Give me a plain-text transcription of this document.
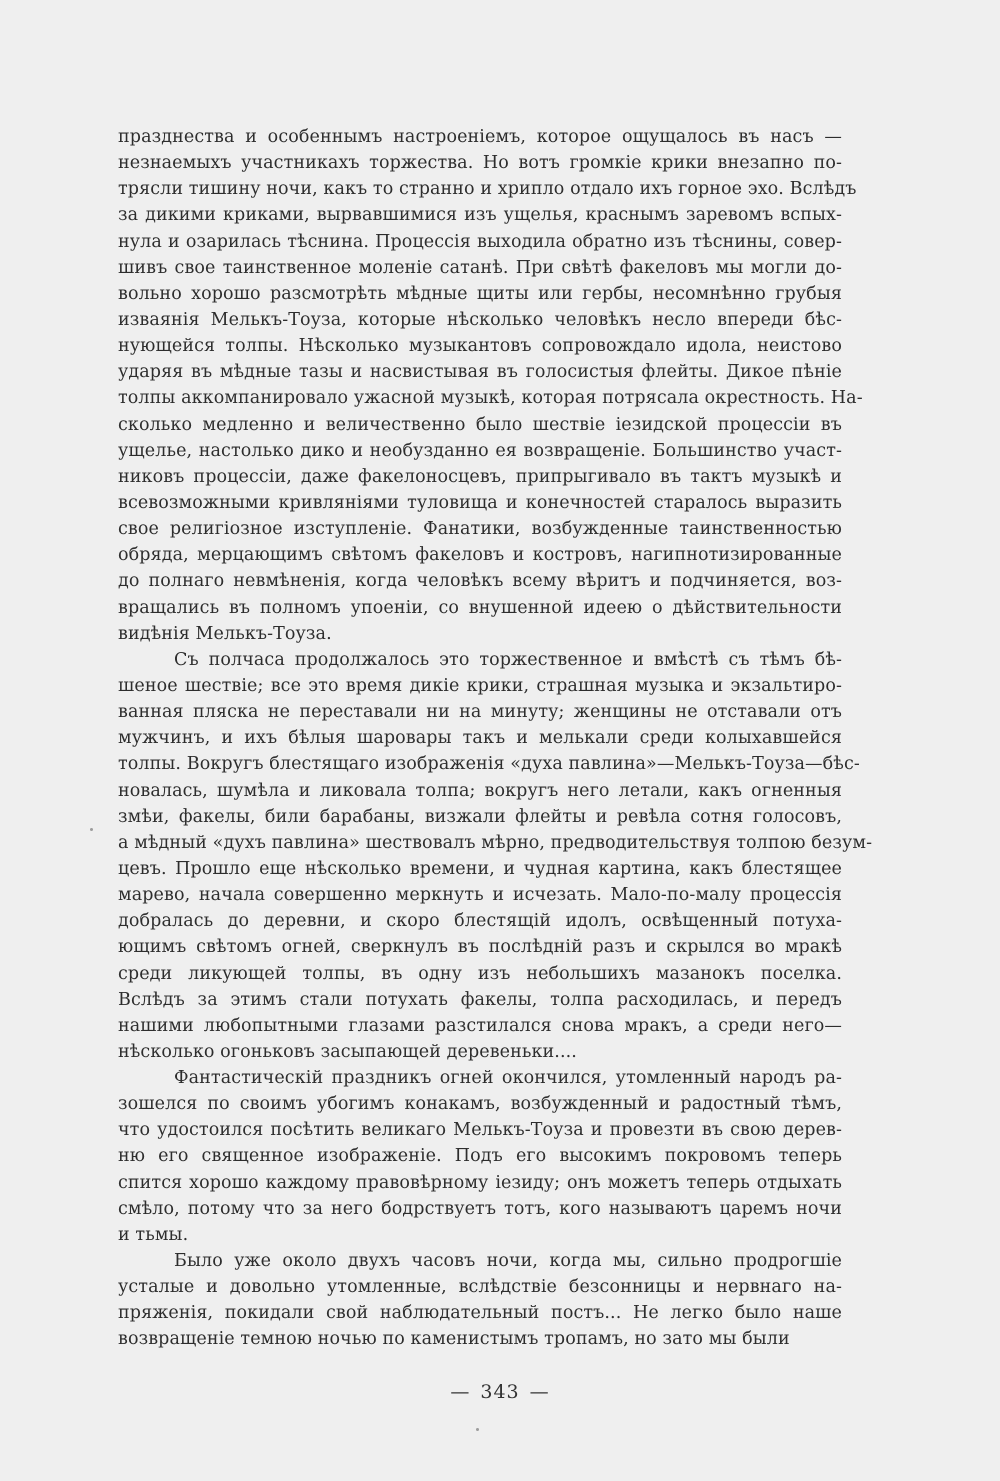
празднества и особеннымъ настроенiемъ, которое ощущалось въ насъ —
незнаемыхъ участникахъ торжества. Но вотъ громкiе крики внезапно по-
трясли тишину ночи, какъ то странно и хрипло отдало ихъ горное эхо. Вслѣдъ
за дикими криками, вырвавшимися изъ ущелья, краснымъ заревомъ вспых-
нула и озарилась тѣснина. Процессiя выходила обратно изъ тѣснины, совер-
шивъ свое таинственное моленiе сатанѣ. При свѣтѣ факеловъ мы могли до-
вольно хорошо разсмотрѣть мѣдные щиты или гербы, несомнѣнно грубыя
изваянiя Мелькъ-Тоуза, которые нѣсколько человѣкъ несло впереди бѣс-
нующейся толпы. Нѣсколько музыкантовъ сопровождало идола, неистово
ударяя въ мѣдные тазы и насвистывая въ голосистыя флейты. Дикое пѣнiе
толпы аккомпанировало ужасной музыкѣ, которая потрясала окрестность. На-
сколько медленно и величественно было шествiе iезидской процессiи въ
ущелье, настолько дико и необузданно ея возвращенiе. Большинство участ-
никовъ процессiи, даже факелоносцевъ, припрыгивало въ тактъ музыкѣ и
всевозможными кривлянiями туловища и конечностей старалось выразить
свое религiозное изступленiе. Фанатики, возбужденные таинственностью
обряда, мерцающимъ свѣтомъ факеловъ и костровъ, нагипнотизированные
до полнаго невмѣненiя, когда человѣкъ всему вѣритъ и подчиняется, воз-
вращались въ полномъ упоенiи, со внушенной идеею о дѣйствительности
видѣнiя Мелькъ-Тоуза.
Съ полчаса продолжалось это торжественное и вмѣстѣ съ тѣмъ бѣ-
шеное шествiе; все это время дикiе крики, страшная музыка и экзальтиро-
ванная пляска не переставали ни на минуту; женщины не отставали отъ
мужчинъ, и ихъ бѣлыя шаровары такъ и мелькали среди колыхавшейся
толпы. Вокругъ блестящаго изображенiя «духа павлина»—Мелькъ-Тоуза—бѣс-
новалась, шумѣла и ликовала толпа; вокругъ него летали, какъ огненныя
змѣи, факелы, били барабаны, визжали флейты и ревѣла сотня голосовъ,
а мѣдный «духъ павлина» шествовалъ мѣрно, предводительствуя толпою безум-
цевъ. Прошло еще нѣсколько времени, и чудная картина, какъ блестящее
марево, начала совершенно меркнуть и исчезать. Мало-по-малу процессiя
добралась до деревни, и скоро блестящiй идолъ, освѣщенный потуха-
ющимъ свѣтомъ огней, сверкнулъ въ послѣднiй разъ и скрылся во мракѣ
среди ликующей толпы, въ одну изъ небольшихъ мазанокъ поселка.
Вслѣдъ за этимъ стали потухать факелы, толпа расходилась, и передъ
нашими любопытными глазами разстилался снова мракъ, а среди него—
нѣсколько огоньковъ засыпающей деревеньки....
Фантастическiй праздникъ огней окончился, утомленный народъ ра-
зошелся по своимъ убогимъ конакамъ, возбужденный и радостный тѣмъ,
что удостоился посѣтить великаго Мелькъ-Тоуза и провезти въ свою дерев-
ню его священное изображенiе. Подъ его высокимъ покровомъ теперь
спится хорошо каждому правовѣрному iезиду; онъ можетъ теперь отдыхать
смѣло, потому что за него бодрствуетъ тотъ, кого называютъ царемъ ночи
и тьмы.
Было уже около двухъ часовъ ночи, когда мы, сильно продрогшiе
усталые и довольно утомленные, вслѣдствiе безсонницы и нервнаго на-
пряженiя, покидали свой наблюдательный постъ... Не легко было наше
возвращенiе темною ночью по каменистымъ тропамъ, но зато мы были
— 343 —
